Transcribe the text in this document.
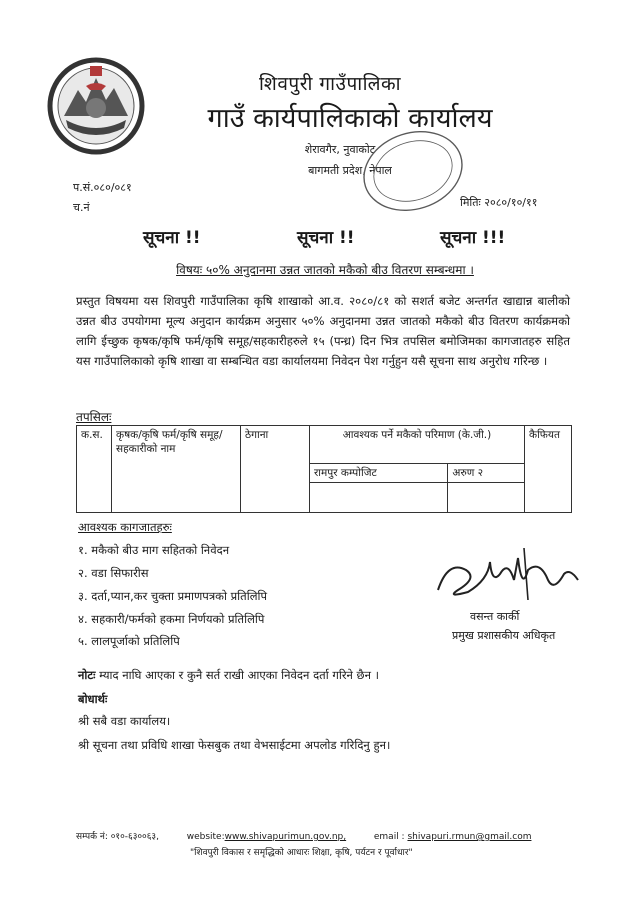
शिवपुरी गाउँपालिका
गाउँ कार्यपालिकाको कार्यालय
शेरावगैर, नुवाकोट
बागमती प्रदेश, नेपाल
प.सं.०८०/०८१
च.नं	मितिः २०८०/१०/११
सूचना !!	सूचना !!	सूचना !!!
विषयः ५०% अनुदानमा उन्नत जातको मकैको बीउ वितरण सम्बन्धमा ।
प्रस्तुत विषयमा यस शिवपुरी गाउँपालिका कृषि शाखाको आ.व. २०८०/८१ को सशर्त बजेट अन्तर्गत खाद्यान्न बालीको उन्नत बीउ उपयोगमा मूल्य अनुदान कार्यक्रम अनुसार ५०% अनुदानमा उन्नत जातको मकैको बीउ वितरण कार्यक्रमको लागि ईच्छुक कृषक/कृषि फर्म/कृषि समूह/सहकारीहरुले १५ (पन्ध्र) दिन भित्र तपसिल बमोजिमका कागजातहरु सहित यस गाउँपालिकाको कृषि शाखा वा सम्बन्धित वडा कार्यालयमा निवेदन पेश गर्नुहुन यसै सूचना साथ अनुरोध गरिन्छ ।
तपसिलः
क.स.	कृषक/कृषि फर्म/कृषि समूह/सहकारीको नाम	ठेगाना	आवश्यक पर्ने मकैको परिमाण (के.जी.)		कैफियत
			रामपुर कम्पोजिट	अरुण २	

आवश्यक कागजातहरुः
१. मकैको बीउ माग सहितको निवेदन
२. वडा सिफारीस
३. दर्ता,प्यान,कर चुक्ता प्रमाणपत्रको प्रतिलिपि
४. सहकारी/फर्मको हकमा निर्णयको प्रतिलिपि
५. लालपूर्जाको प्रतिलिपि
वसन्त कार्की
प्रमुख प्रशासकीय अधिकृत
नोटः म्याद नाघि आएका र कुनै सर्त राखी आएका निवेदन दर्ता गरिने छैन ।
बोधार्थः
श्री सबै वडा कार्यालय।
श्री सूचना तथा प्रविधि शाखा फेसबुक तथा वेभसाईटमा अपलोड गरिदिनु हुन।
सम्पर्क नं: ०१०-६३००६३,	website:www.shivapurimun.gov.np,	email : shivapuri.rmun@gmail.com
"शिवपुरी विकास र समृद्धिको आधारः शिक्षा, कृषि, पर्यटन र पूर्वाधार"
